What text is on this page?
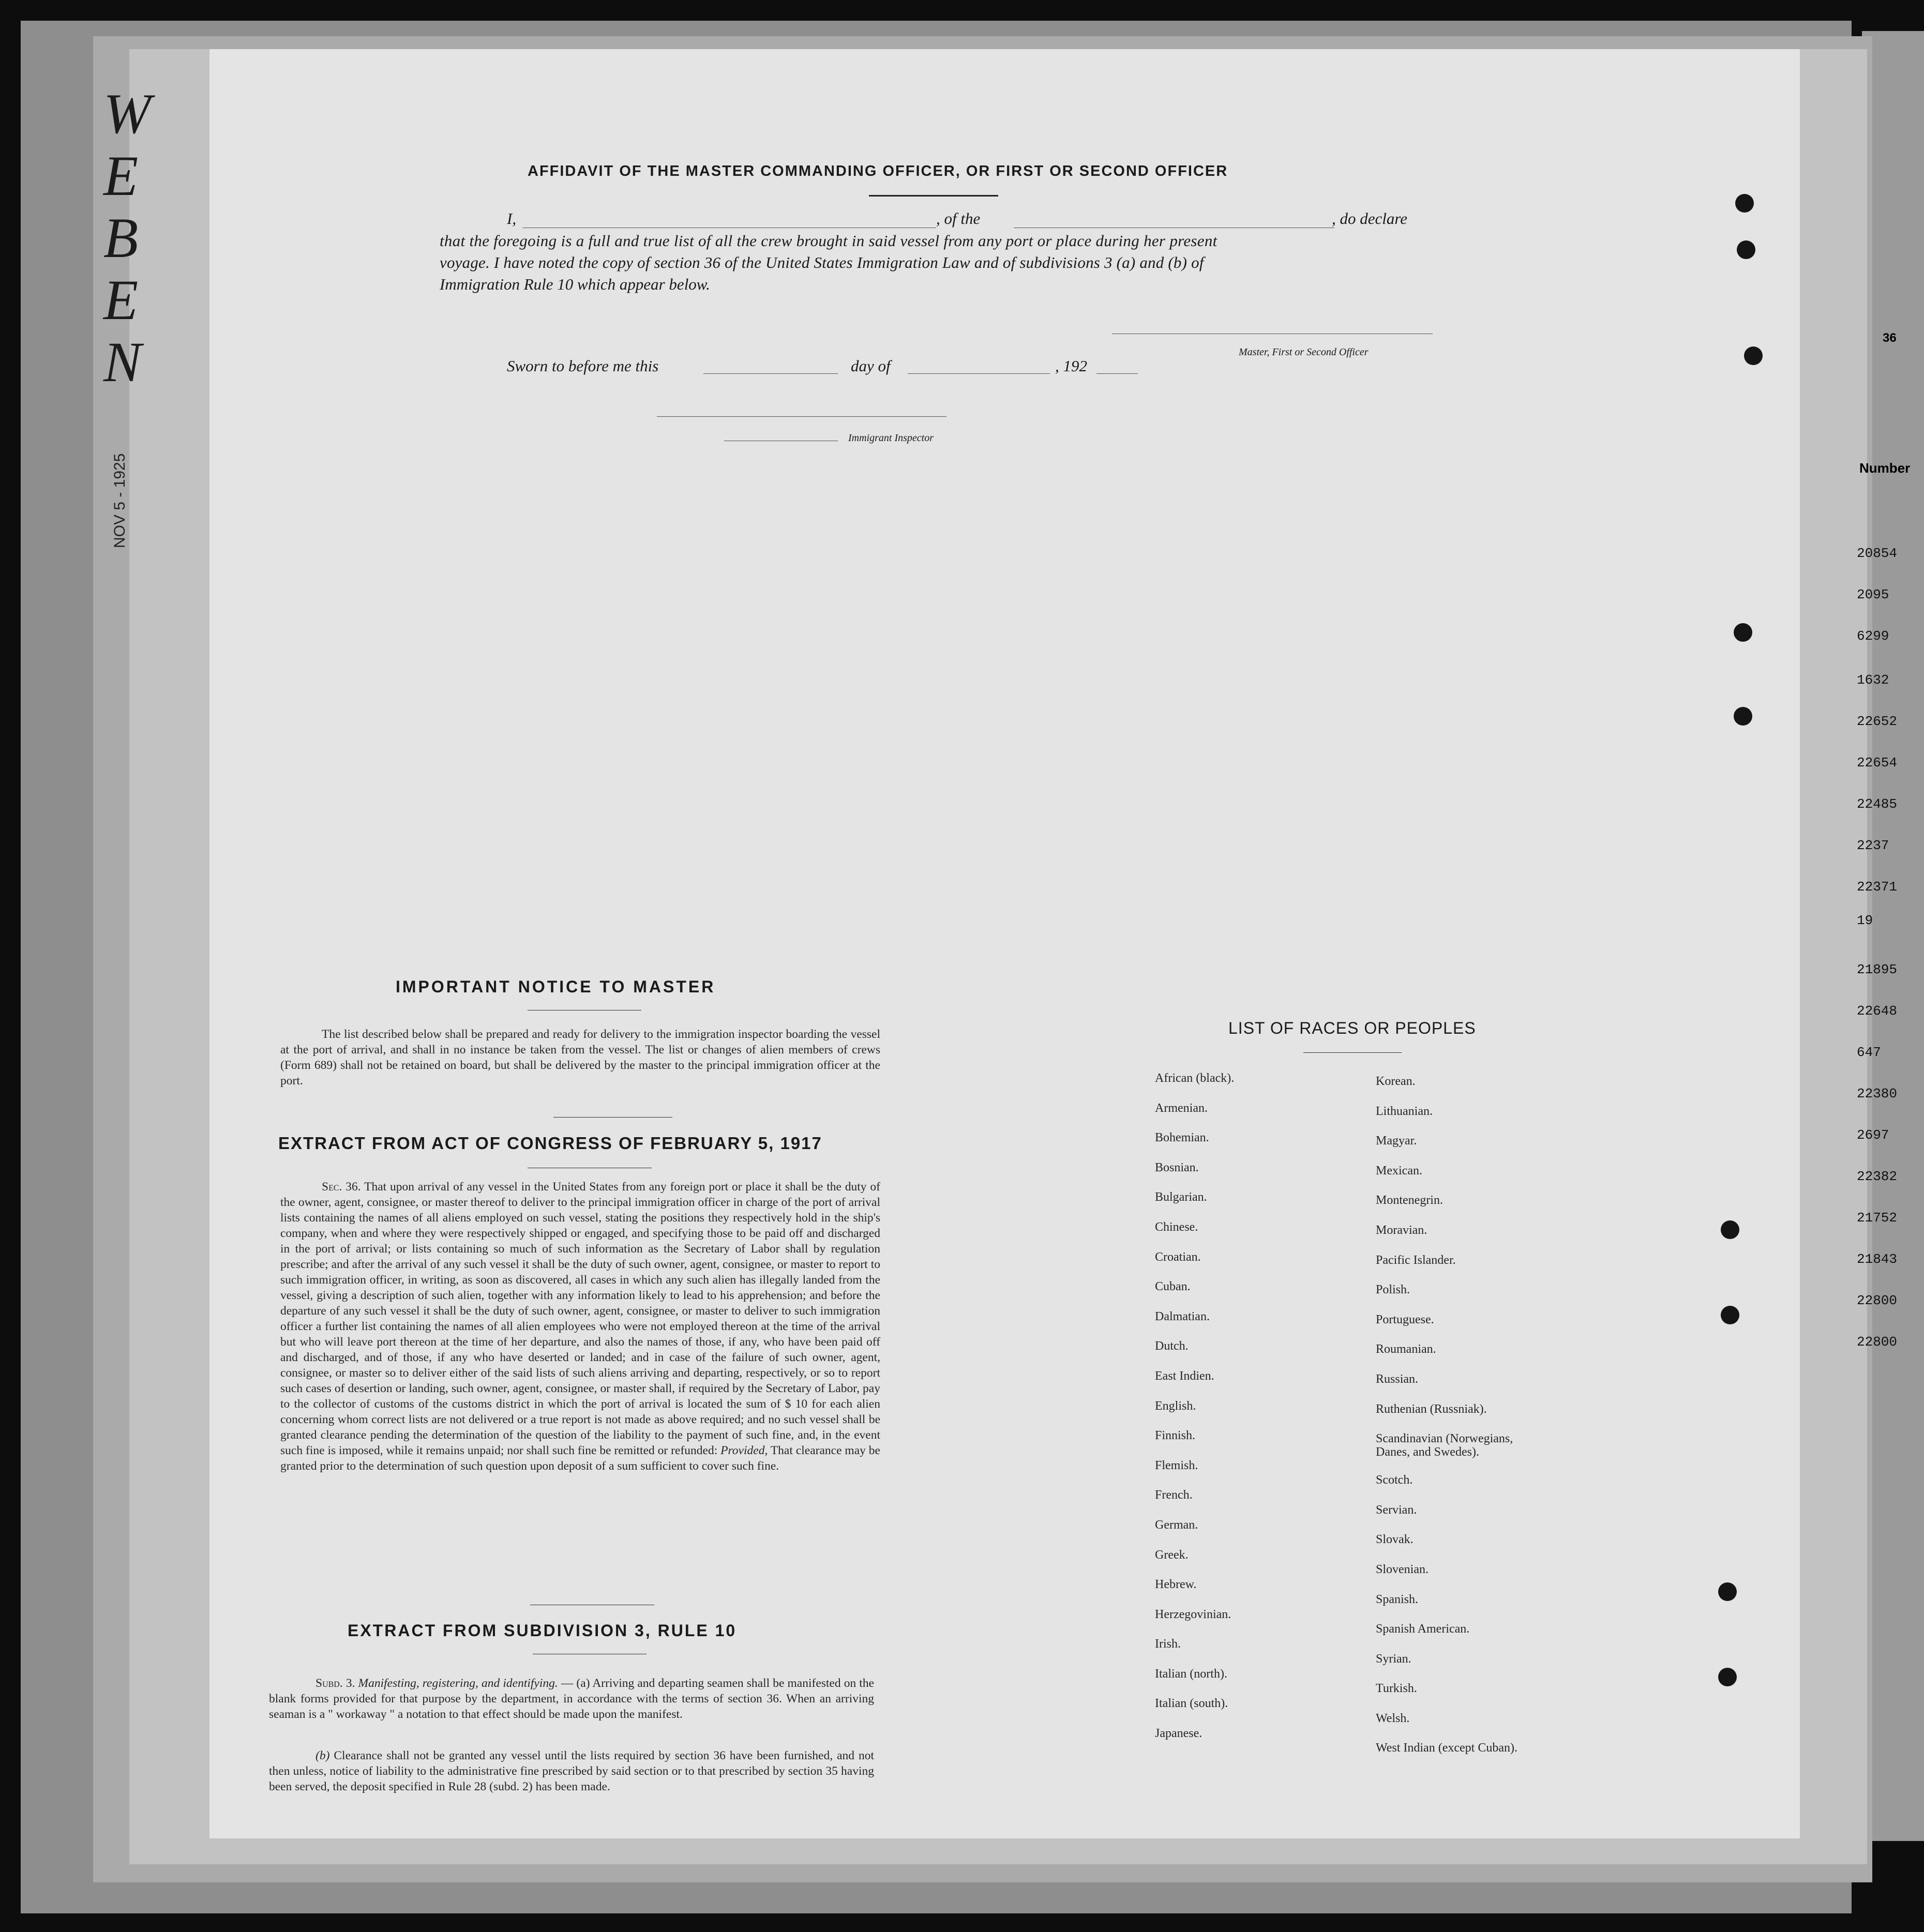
W
E
B
E
N
NOV 5 - 1925
36
Number
20854
2095
6299
1632
22652
22654
22485
2237
22371
19
21895
22648
647
22380
2697
22382
21752
21843
22800
22800
AFFIDAVIT OF THE MASTER COMMANDING OFFICER, OR FIRST OR SECOND OFFICER
I,	, of the	, do declare
that the foregoing is a full and true list of all the crew brought in said vessel from any port or place during her present
voyage. I have noted the copy of section 36 of the United States Immigration Law and of subdivisions 3 (a) and (b) of
Immigration Rule 10 which appear below.
Master, First or Second Officer
Sworn to before me this	day of	, 192
Immigrant Inspector
IMPORTANT NOTICE TO MASTER
The list described below shall be prepared and ready for delivery to the immigration inspector boarding the vessel at the port of arrival, and shall in no instance be taken from the vessel. The list or changes of alien members of crews (Form 689) shall not be retained on board, but shall be delivered by the master to the principal immigration officer at the port.
EXTRACT FROM ACT OF CONGRESS OF FEBRUARY 5, 1917
Sec. 36. That upon arrival of any vessel in the United States from any foreign port or place it shall be the duty of the owner, agent, consignee, or master thereof to deliver to the principal immigration officer in charge of the port of arrival lists containing the names of all aliens employed on such vessel, stating the positions they respectively hold in the ship's company, when and where they were respectively shipped or engaged, and specifying those to be paid off and discharged in the port of arrival; or lists containing so much of such information as the Secretary of Labor shall by regulation prescribe; and after the arrival of any such vessel it shall be the duty of such owner, agent, consignee, or master to report to such immigration officer, in writing, as soon as discovered, all cases in which any such alien has illegally landed from the vessel, giving a description of such alien, together with any information likely to lead to his apprehension; and before the departure of any such vessel it shall be the duty of such owner, agent, consignee, or master to deliver to such immigration officer a further list containing the names of all alien employees who were not employed thereon at the time of the arrival but who will leave port thereon at the time of her departure, and also the names of those, if any, who have been paid off and discharged, and of those, if any who have deserted or landed; and in case of the failure of such owner, agent, consignee, or master so to deliver either of the said lists of such aliens arriving and departing, respectively, or so to report such cases of desertion or landing, such owner, agent, consignee, or master shall, if required by the Secretary of Labor, pay to the collector of customs of the customs district in which the port of arrival is located the sum of $ 10 for each alien concerning whom correct lists are not delivered or a true report is not made as above required; and no such vessel shall be granted clearance pending the determination of the question of the liability to the payment of such fine, and, in the event such fine is imposed, while it remains unpaid; nor shall such fine be remitted or refunded: Provided, That clearance may be granted prior to the determination of such question upon deposit of a sum sufficient to cover such fine.
EXTRACT FROM SUBDIVISION 3, RULE 10
Subd. 3. Manifesting, registering, and identifying. — (a) Arriving and departing seamen shall be manifested on the blank forms provided for that purpose by the department, in accordance with the terms of section 36. When an arriving seaman is a " workaway " a notation to that effect should be made upon the manifest.
(b) Clearance shall not be granted any vessel until the lists required by section 36 have been furnished, and not then unless, notice of liability to the administrative fine prescribed by said section or to that prescribed by section 35 having been served, the deposit specified in Rule 28 (subd. 2) has been made.
LIST OF RACES OR PEOPLES
African (black).
Armenian.
Bohemian.
Bosnian.
Bulgarian.
Chinese.
Croatian.
Cuban.
Dalmatian.
Dutch.
East Indien.
English.
Finnish.
Flemish.
French.
German.
Greek.
Hebrew.
Herzegovinian.
Irish.
Italian (north).
Italian (south).
Japanese.
Korean.
Lithuanian.
Magyar.
Mexican.
Montenegrin.
Moravian.
Pacific Islander.
Polish.
Portuguese.
Roumanian.
Russian.
Ruthenian (Russniak).
Scandinavian (Norwegians, Danes, and Swedes).
Scotch.
Servian.
Slovak.
Slovenian.
Spanish.
Spanish American.
Syrian.
Turkish.
Welsh.
West Indian (except Cuban).
